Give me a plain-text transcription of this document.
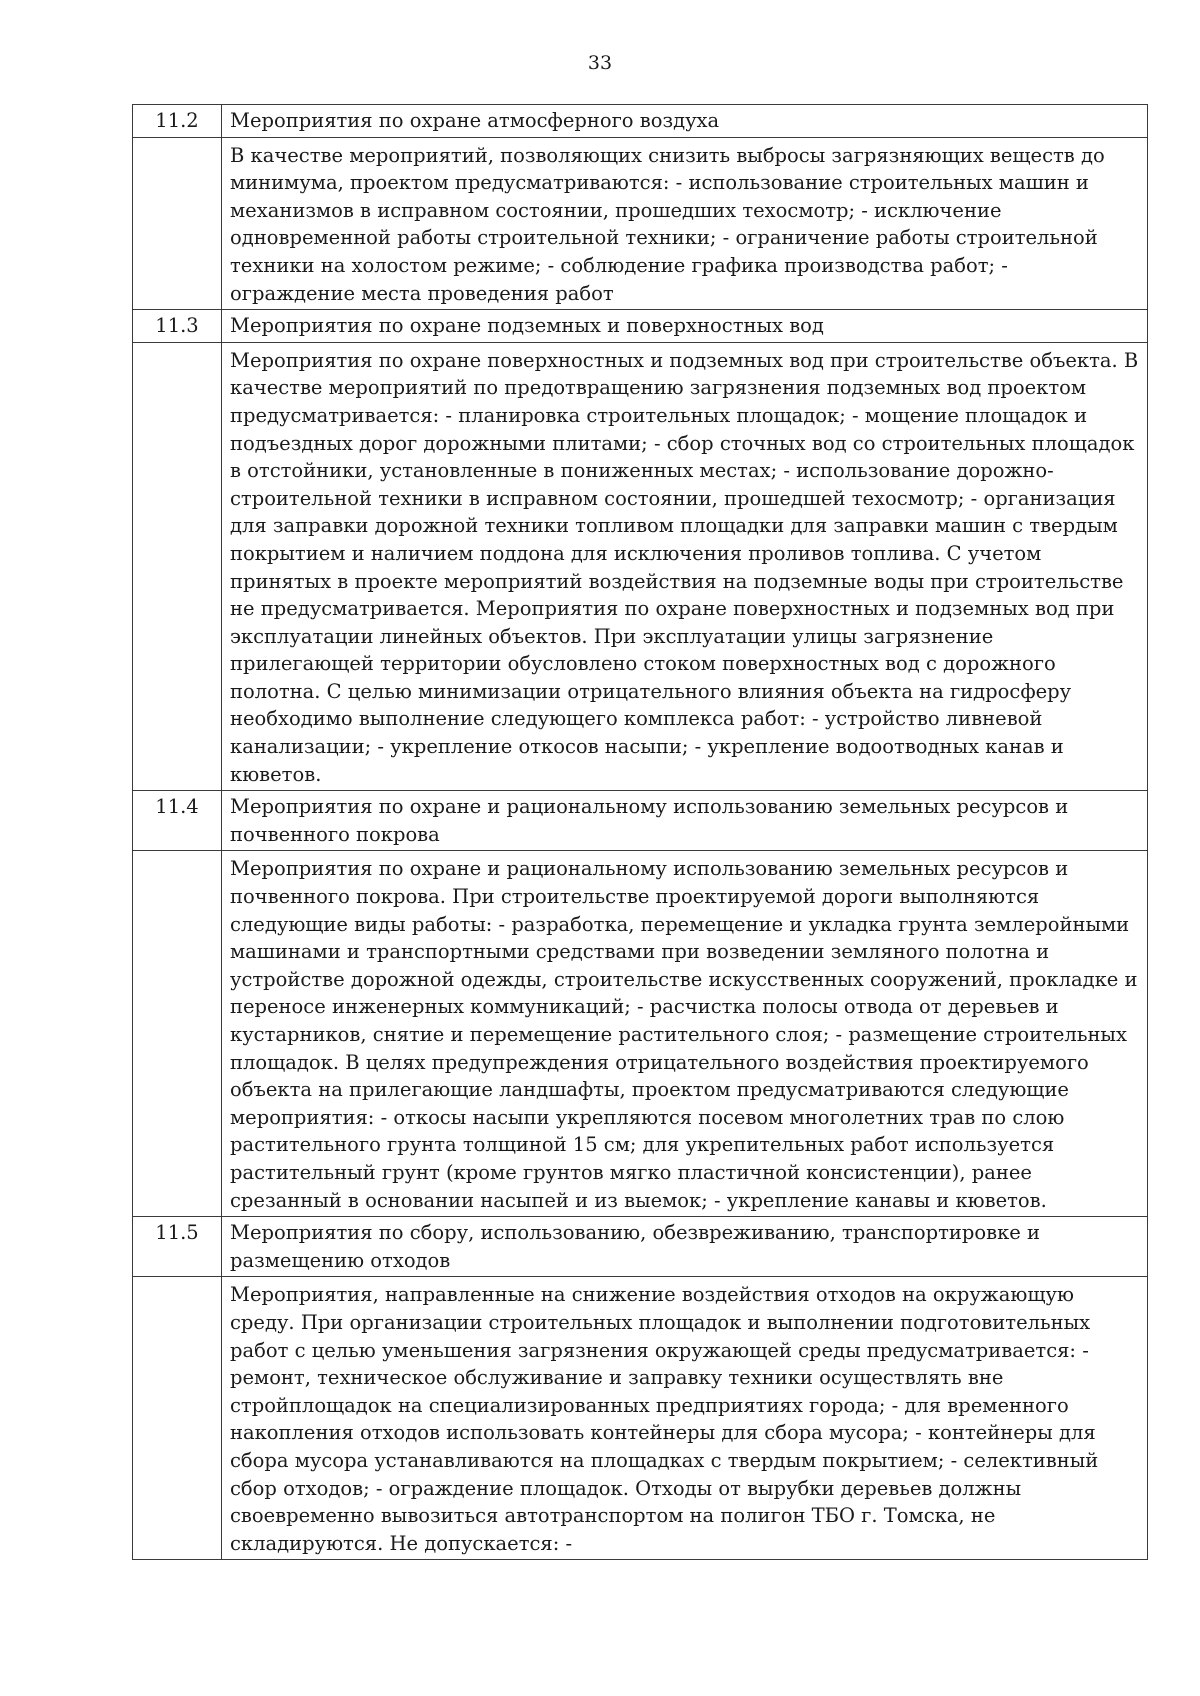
33
11.2	Мероприятия по охране атмосферного воздуха
	В качестве мероприятий, позволяющих снизить выбросы загрязняющих веществ до минимума, проектом предусматриваются: - использование строительных машин и механизмов в исправном состоянии, прошедших техосмотр; - исключение одновременной работы строительной техники; - ограничение работы строительной техники на холостом режиме; - соблюдение графика производства работ; - ограждение места проведения работ
11.3	Мероприятия по охране подземных и поверхностных вод
	Мероприятия по охране поверхностных и подземных вод при строительстве объекта. В качестве мероприятий по предотвращению загрязнения подземных вод проектом предусматривается: - планировка строительных площадок; - мощение площадок и подъездных дорог дорожными плитами; - сбор сточных вод со строительных площадок в отстойники, установленные в пониженных местах; - использование дорожно-строительной техники в исправном состоянии, прошедшей техосмотр; - организация для заправки дорожной техники топливом площадки для заправки машин с твердым покрытием и наличием поддона для исключения проливов топлива. С учетом принятых в проекте мероприятий воздействия на подземные воды при строительстве не предусматривается. Мероприятия по охране поверхностных и подземных вод при эксплуатации линейных объектов. При эксплуатации улицы загрязнение прилегающей территории обусловлено стоком поверхностных вод с дорожного полотна. С целью минимизации отрицательного влияния объекта на гидросферу необходимо выполнение следующего комплекса работ: - устройство ливневой канализации; - укрепление откосов насыпи; - укрепление водоотводных канав и кюветов.
11.4	Мероприятия по охране и рациональному использованию земельных ресурсов и почвенного покрова
	Мероприятия по охране и рациональному использованию земельных ресурсов и почвенного покрова. При строительстве проектируемой дороги выполняются следующие виды работы: - разработка, перемещение и укладка грунта землеройными машинами и транспортными средствами при возведении земляного полотна и устройстве дорожной одежды, строительстве искусственных сооружений, прокладке и переносе инженерных коммуникаций; - расчистка полосы отвода от деревьев и кустарников, снятие и перемещение растительного слоя; - размещение строительных площадок. В целях предупреждения отрицательного воздействия проектируемого объекта на прилегающие ландшафты, проектом предусматриваются следующие мероприятия: - откосы насыпи укрепляются посевом многолетних трав по слою растительного грунта толщиной 15 см; для укрепительных работ используется растительный грунт (кроме грунтов мягко пластичной консистенции), ранее срезанный в основании насыпей и из выемок; - укрепление канавы и кюветов.
11.5	Мероприятия по сбору, использованию, обезвреживанию, транспортировке и размещению отходов
	Мероприятия, направленные на снижение воздействия отходов на окружающую среду. При организации строительных площадок и выполнении подготовительных работ с целью уменьшения загрязнения окружающей среды предусматривается: - ремонт, техническое обслуживание и заправку техники осуществлять вне стройплощадок на специализированных предприятиях города; - для временного накопления отходов использовать контейнеры для сбора мусора; - контейнеры для сбора мусора устанавливаются на площадках с твердым покрытием; - селективный сбор отходов; - ограждение площадок. Отходы от вырубки деревьев должны своевременно вывозиться автотранспортом на полигон ТБО г. Томска, не складируются. Не допускается: -
